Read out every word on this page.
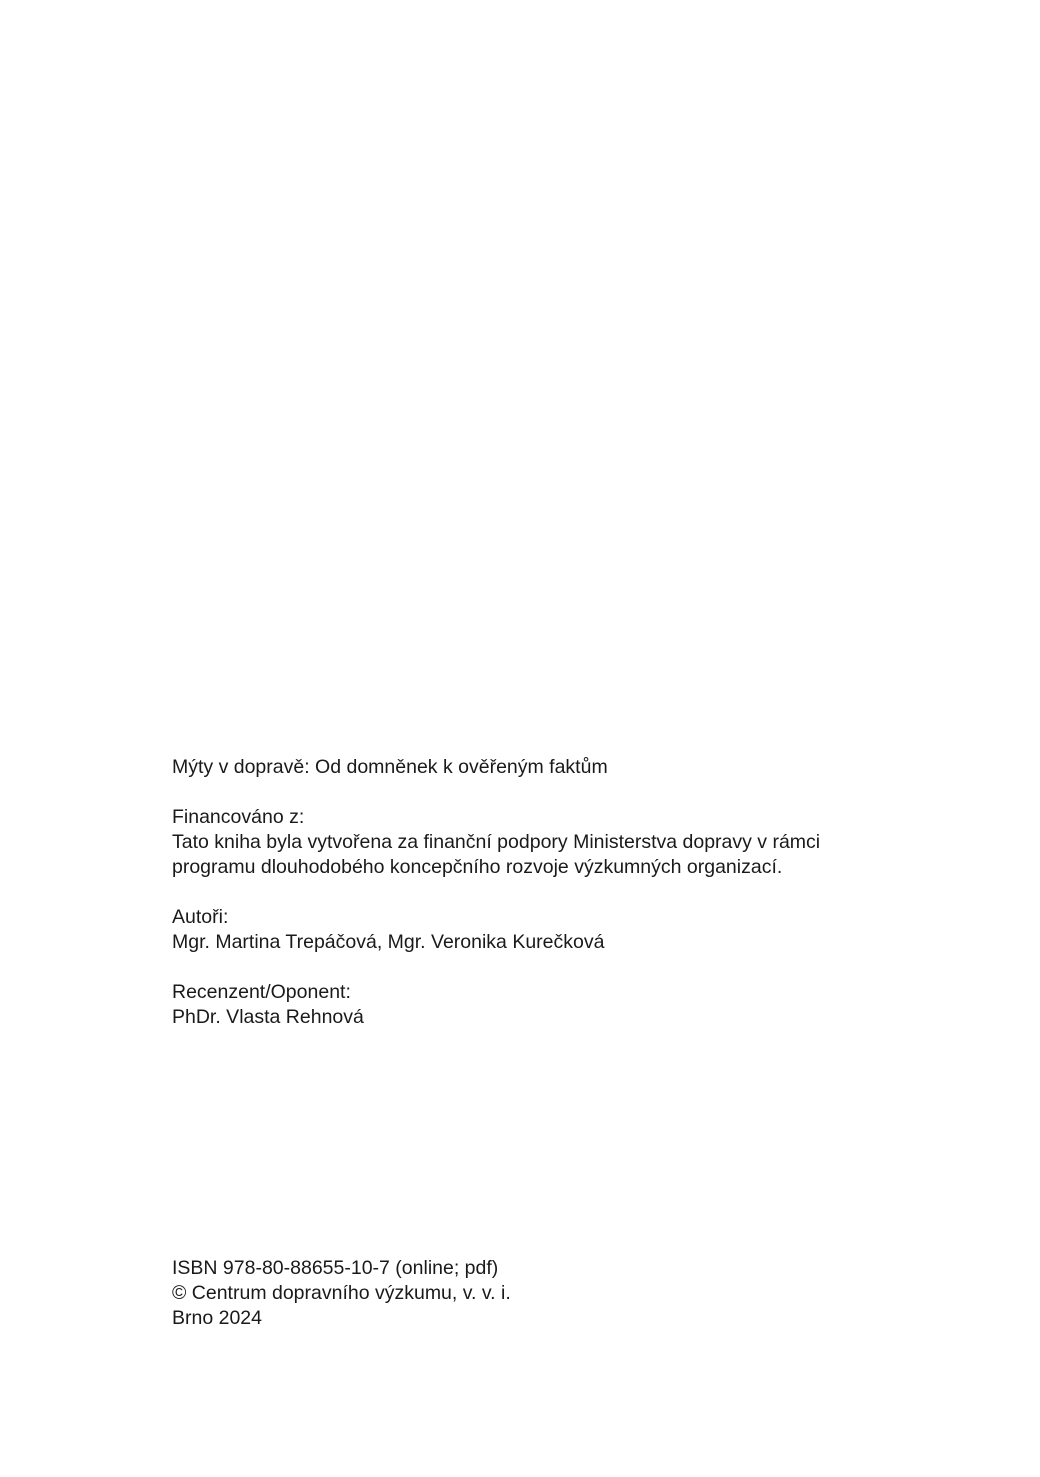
Mýty v dopravě: Od domněnek k ověřeným faktům
Financováno z:
Tato kniha byla vytvořena za finanční podpory Ministerstva dopravy v rámci
programu dlouhodobého koncepčního rozvoje výzkumných organizací.
Autoři:
Mgr. Martina Trepáčová, Mgr. Veronika Kurečková
Recenzent/Oponent:
PhDr. Vlasta Rehnová
ISBN 978-80-88655-10-7 (online; pdf)
© Centrum dopravního výzkumu, v. v. i.
Brno 2024
